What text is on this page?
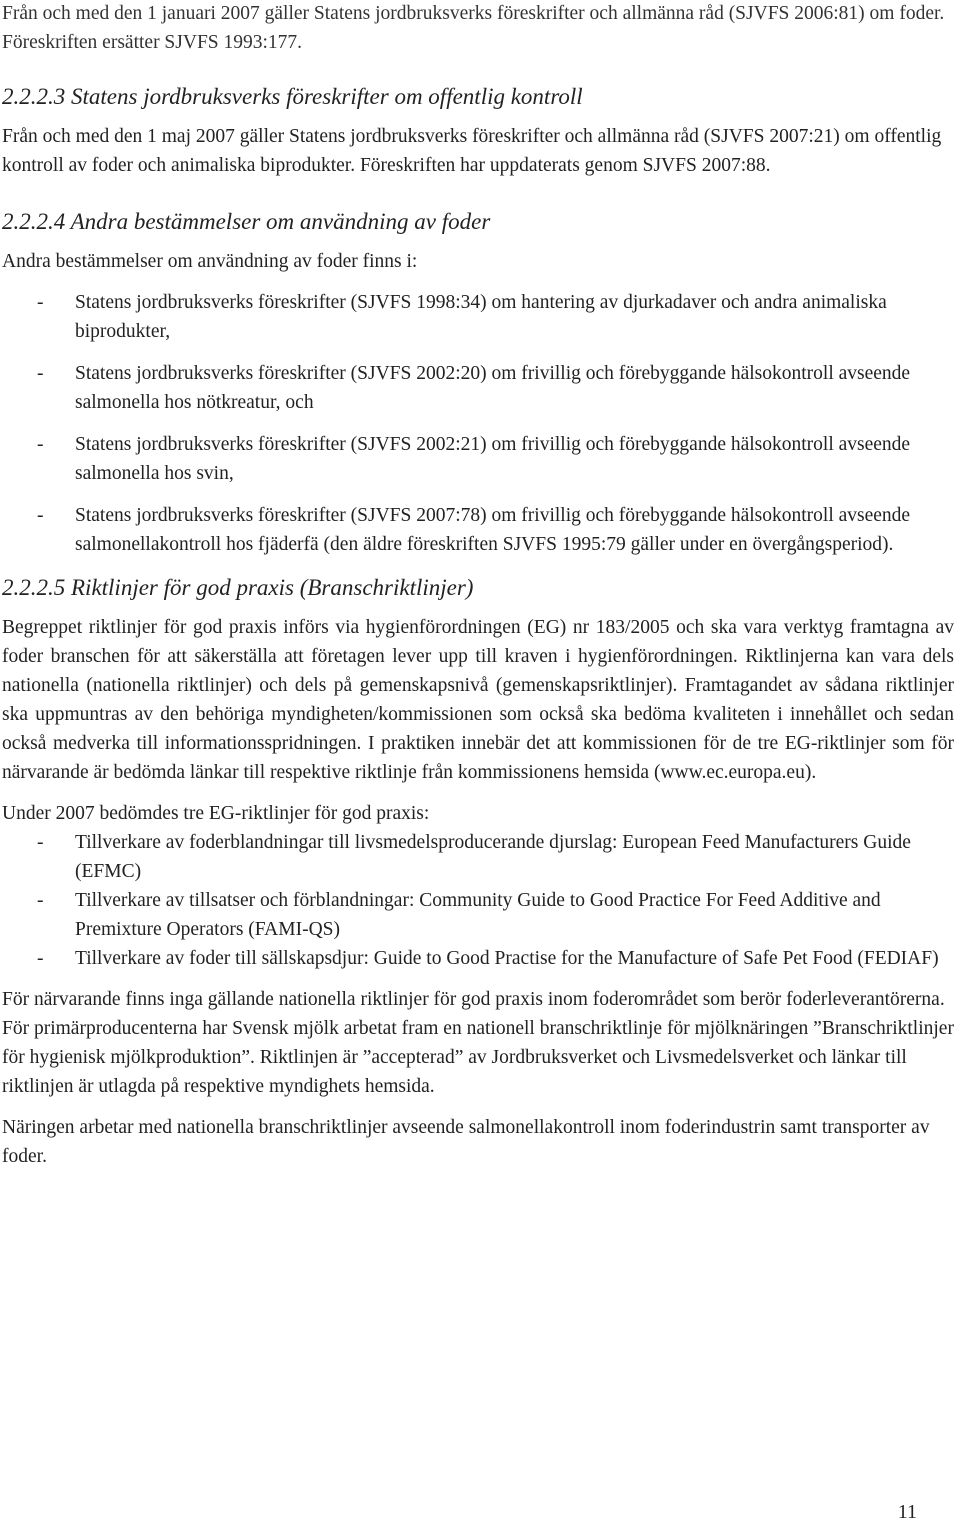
Från och med den 1 januari 2007 gäller Statens jordbruksverks föreskrifter och allmänna råd (SJVFS 2006:81) om foder. Föreskriften ersätter SJVFS 1993:177.

2.2.2.3 Statens jordbruksverks föreskrifter om offentlig kontroll

Från och med den 1 maj 2007 gäller Statens jordbruksverks föreskrifter och allmänna råd (SJVFS 2007:21) om offentlig kontroll av foder och animaliska biprodukter. Föreskriften har uppdaterats genom SJVFS 2007:88.

2.2.2.4 Andra bestämmelser om användning av foder

Andra bestämmelser om användning av foder finns i:

- Statens jordbruksverks föreskrifter (SJVFS 1998:34) om hantering av djurkadaver och andra animaliska biprodukter,
- Statens jordbruksverks föreskrifter (SJVFS 2002:20) om frivillig och förebyggande hälsokontroll avseende salmonella hos nötkreatur, och
- Statens jordbruksverks föreskrifter (SJVFS 2002:21) om frivillig och förebyggande hälsokontroll avseende salmonella hos svin,
- Statens jordbruksverks föreskrifter (SJVFS 2007:78) om frivillig och förebyggande hälsokontroll avseende salmonellakontroll hos fjäderfä (den äldre föreskriften SJVFS 1995:79 gäller under en övergångsperiod).
2.2.2.5 Riktlinjer för god praxis (Branschriktlinjer)

Begreppet riktlinjer för god praxis införs via hygienförordningen (EG) nr 183/2005 och ska vara verktyg framtagna av foder branschen för att säkerställa att företagen lever upp till kraven i hygienförordningen. Riktlinjerna kan vara dels nationella (nationella riktlinjer) och dels på gemenskapsnivå (gemenskapsriktlinjer). Framtagandet av sådana riktlinjer ska uppmuntras av den behöriga myndigheten/kommissionen som också ska bedöma kvaliteten i innehållet och sedan också medverka till informationsspridningen. I praktiken innebär det att kommissionen för de tre EG-riktlinjer som för närvarande är bedömda länkar till respektive riktlinje från kommissionens hemsida (www.ec.europa.eu).

Under 2007 bedömdes tre EG-riktlinjer för god praxis:

- Tillverkare av foderblandningar till livsmedelsproducerande djurslag: European Feed Manufacturers Guide (EFMC)
- Tillverkare av tillsatser och förblandningar: Community Guide to Good Practice For Feed Additive and Premixture Operators (FAMI-QS)
- Tillverkare av foder till sällskapsdjur: Guide to Good Practise for the Manufacture of Safe Pet Food (FEDIAF)

För närvarande finns inga gällande nationella riktlinjer för god praxis inom foderområdet som berör foderleverantörerna. För primärproducenterna har Svensk mjölk arbetat fram en nationell branschriktlinje för mjölknäringen ”Branschriktlinjer för hygienisk mjölkproduktion”. Riktlinjen är ”accepterad” av Jordbruksverket och Livsmedelsverket och länkar till riktlinjen är utlagda på respektive myndighets hemsida.

Näringen arbetar med nationella branschriktlinjer avseende salmonellakontroll inom foderindustrin samt transporter av foder.

11
